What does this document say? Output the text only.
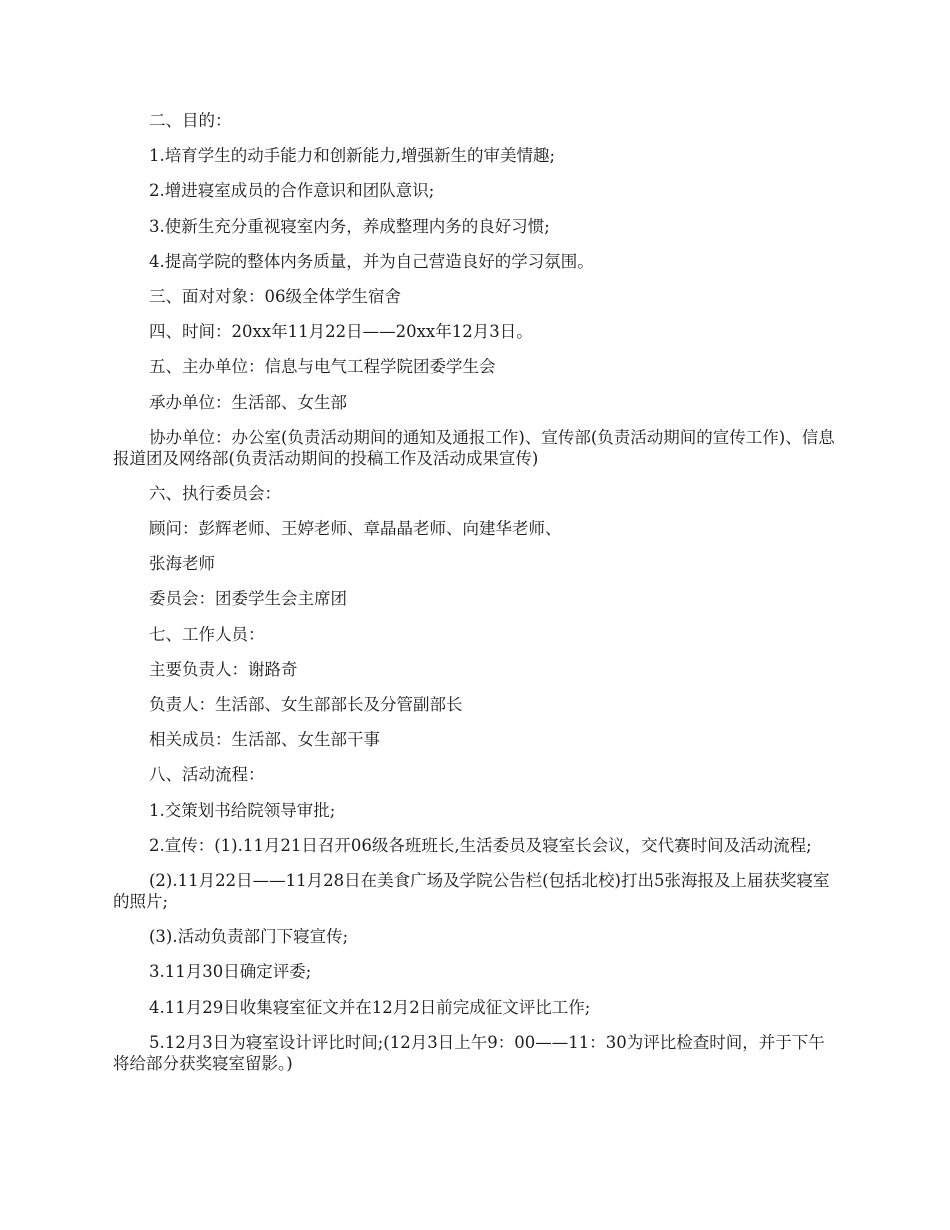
二、目的：

1.培育学生的动手能力和创新能力,增强新生的审美情趣;

2.增进寝室成员的合作意识和团队意识;

3.使新生充分重视寝室内务，养成整理内务的良好习惯;

4.提高学院的整体内务质量，并为自己营造良好的学习氛围。

三、面对对象：06级全体学生宿舍

四、时间：20xx年11月22日——20xx年12月3日。

五、主办单位：信息与电气工程学院团委学生会

承办单位：生活部、女生部

协办单位：办公室(负责活动期间的通知及通报工作)、宣传部(负责活动期间的宣传工作)、信息报道团及网络部(负责活动期间的投稿工作及活动成果宣传)

六、执行委员会：

顾问：彭辉老师、王婷老师、章晶晶老师、向建华老师、

张海老师

委员会：团委学生会主席团

七、工作人员：

主要负责人：谢路奇

负责人：生活部、女生部部长及分管副部长

相关成员：生活部、女生部干事

八、活动流程：

1.交策划书给院领导审批;

2.宣传：(1).11月21日召开06级各班班长,生活委员及寝室长会议，交代赛时间及活动流程;

(2).11月22日——11月28日在美食广场及学院公告栏(包括北校)打出5张海报及上届获奖寝室的照片;

(3).活动负责部门下寝宣传;

3.11月30日确定评委;

4.11月29日收集寝室征文并在12月2日前完成征文评比工作;

5.12月3日为寝室设计评比时间;(12月3日上午9：00——11：30为评比检查时间，并于下午将给部分获奖寝室留影。)
